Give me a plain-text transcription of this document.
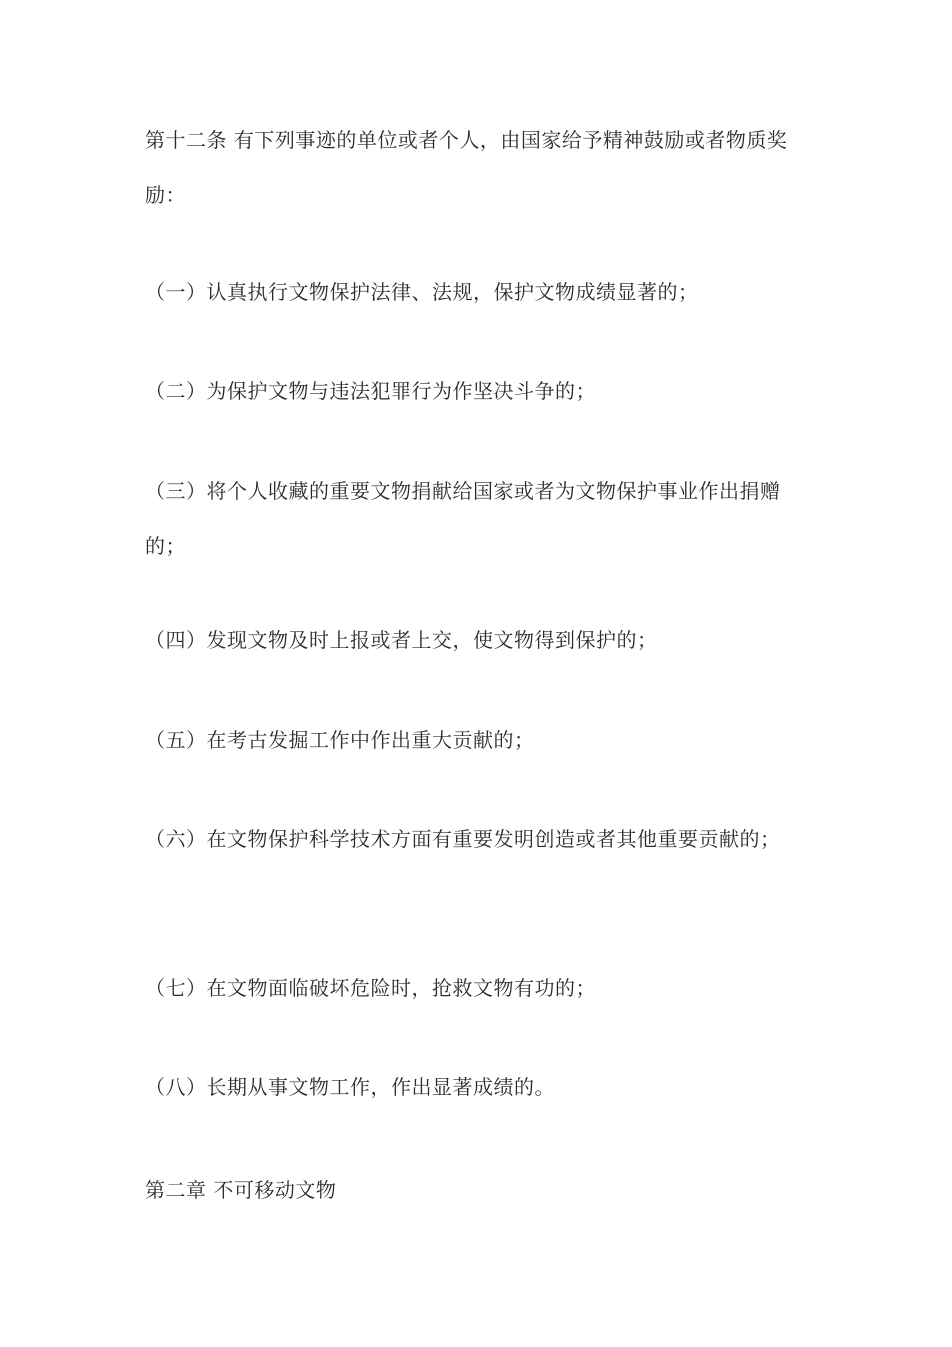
第十二条 有下列事迹的单位或者个人，由国家给予精神鼓励或者物质奖励：

（一）认真执行文物保护法律、法规，保护文物成绩显著的；

（二）为保护文物与违法犯罪行为作坚决斗争的；

（三）将个人收藏的重要文物捐献给国家或者为文物保护事业作出捐赠的；

（四）发现文物及时上报或者上交，使文物得到保护的；

（五）在考古发掘工作中作出重大贡献的；

（六）在文物保护科学技术方面有重要发明创造或者其他重要贡献的；

（七）在文物面临破坏危险时，抢救文物有功的；

（八）长期从事文物工作，作出显著成绩的。

第二章 不可移动文物
